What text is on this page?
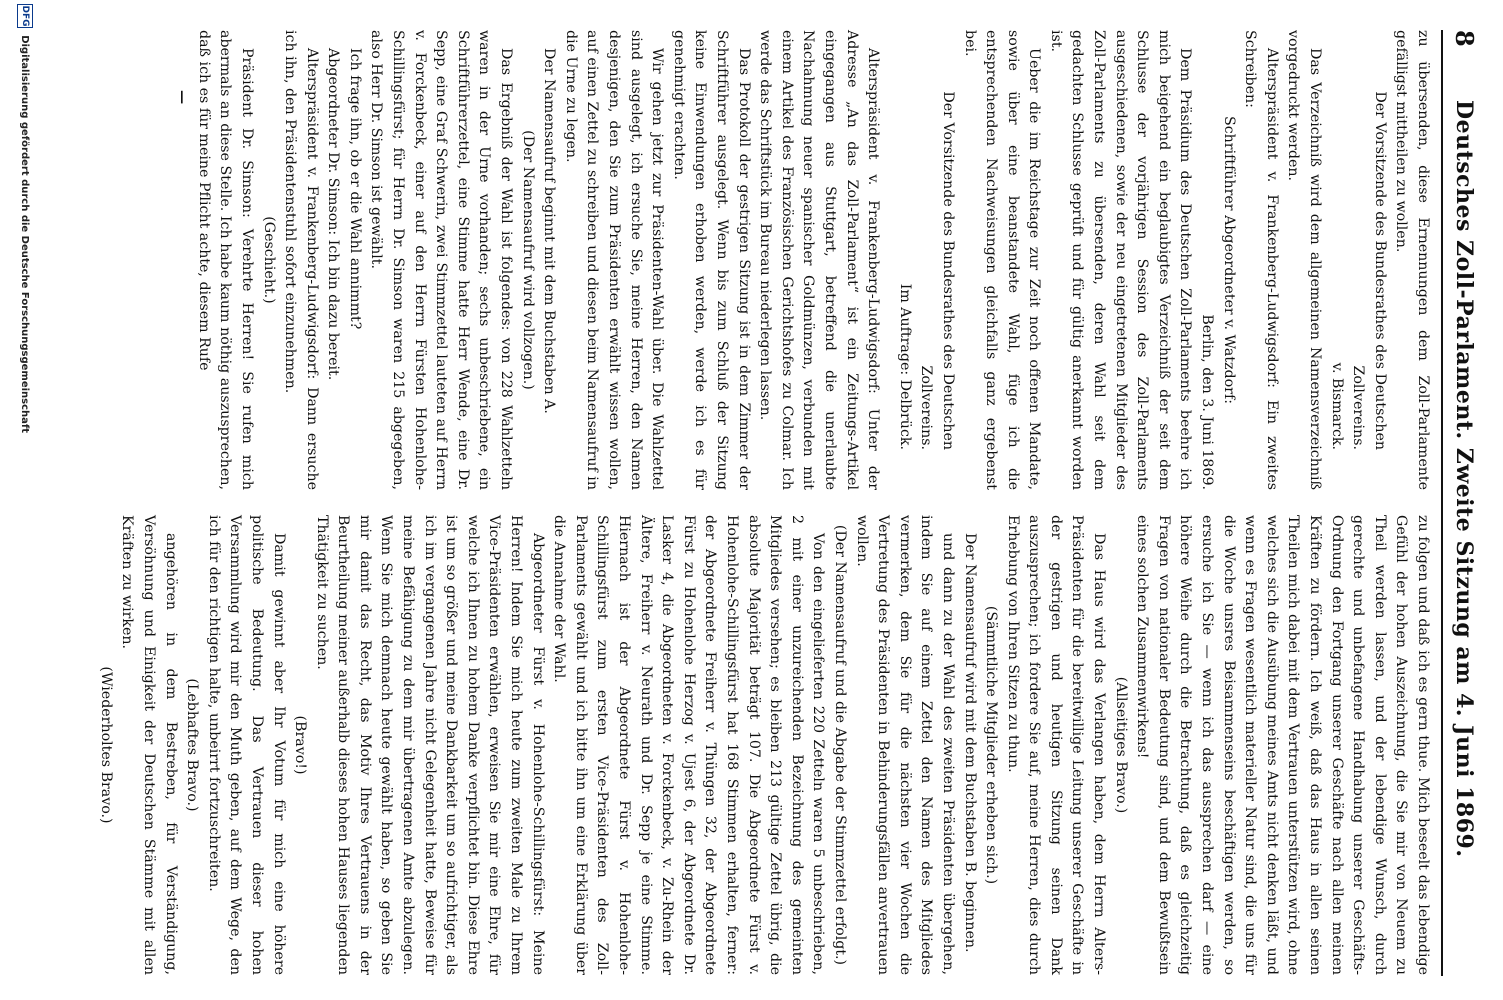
8
Deutsches Zoll-Parlament. Zweite Sitzung am 4. Juni 1869.

zu übersenden, diese Ernennungen dem Zoll-Parlamente gefälligst mittheilen zu wollen.

Der Vorsitzende des Bundesrathes des Deutschen Zollvereins.

v. Bismarck.

Das Verzeichniß wird dem allgemeinen Namensverzeichniß vorgedruckt werden.

Alterspräsident v. Frankenberg-Ludwigsdorf: Ein zweites Schreiben:

Schriftführer Abgeordneter v. Watzdorf:

Berlin, den 3. Juni 1869.

Dem Präsidium des Deutschen Zoll-Parlaments beehre ich mich beigehend ein beglaubigtes Verzeichniß der seit dem Schlusse der vorjährigen Session des Zoll-Parlaments ausgeschiedenen, sowie der neu eingetretenen Mitglieder des Zoll-Parlaments zu übersenden, deren Wahl seit dem gedachten Schlusse geprüft und für gültig anerkannt worden ist.

Ueber die im Reichstage zur Zeit noch offenen Mandate, sowie über eine beanstandete Wahl, füge ich die entsprechenden Nachweisungen gleichfalls ganz ergebenst bei.

Der Vorsitzende des Bundesrathes des Deutschen Zollvereins.

Im Auftrage: Delbrück.

Alterspräsident v. Frankenberg-Ludwigsdorf: Unter der Adresse „An das Zoll-Parlament“ ist ein Zeitungs-Artikel eingegangen aus Stuttgart, betreffend die unerlaubte Nachahmung neuer spanischer Goldmünzen, verbunden mit einem Artikel des Französischen Gerichtshofes zu Colmar. Ich werde das Schriftstück im Bureau niederlegen lassen.

Das Protokoll der gestrigen Sitzung ist in dem Zimmer der Schriftführer ausgelegt. Wenn bis zum Schluß der Sitzung keine Einwendungen erhoben werden, werde ich es für genehmigt erachten.

Wir gehen jetzt zur Präsidenten-Wahl über. Die Wahlzettel sind ausgelegt, ich ersuche Sie, meine Herren, den Namen desjenigen, den Sie zum Präsidenten erwählt wissen wollen, auf einen Zettel zu schreiben und diesen beim Namensaufruf in die Urne zu legen.

Der Namensaufruf beginnt mit dem Buchstaben A.

(Der Namensaufruf wird vollzogen.)

Das Ergebniß der Wahl ist folgendes: von 228 Wahlzetteln waren in der Urne vorhanden; sechs unbeschriebene, ein Schriftführerzettel, eine Stimme hatte Herr Wende, eine Dr. Sepp, eine Graf Schwerin, zwei Stimmzettel lauteten auf Herrn v. Forckenbeck, einer auf den Herrn Fürsten Hohenlohe-Schillingsfürst; für Herrn Dr. Simson waren 215 abgegeben, also Herr Dr. Simson ist gewählt.

Ich frage ihn, ob er die Wahl annimmt?

Abgeordneter Dr. Simson: Ich bin dazu bereit.

Alterspräsident v. Frankenberg-Ludwigsdorf: Dann ersuche ich ihn, den Präsidentenstuhl sofort einzunehmen.

(Geschieht.)

Präsident Dr. Simson: Verehrte Herren! Sie rufen mich abermals an diese Stelle. Ich habe kaum nöthig auszusprechen, daß ich es für meine Pflicht achte, diesem Rufe

—

zu folgen und daß ich es gern thue. Mich beseelt das lebendige Gefühl der hohen Auszeichnung, die Sie mir von Neuem zu Theil werden lassen, und der lebendige Wunsch, durch gerechte und unbefangene Handhabung unserer Geschäfts-Ordnung den Fortgang unserer Geschäfte nach allen meinen Kräften zu fördern. Ich weiß, daß das Haus in allen seinen Theilen mich dabei mit dem Vertrauen unterstützen wird, ohne welches sich die Ausübung meines Amts nicht denken läßt, und wenn es Fragen wesentlich materieller Natur sind, die uns für die Woche unsres Beisammenseins beschäftigen werden, so ersuche ich Sie — wenn ich das aussprechen darf — eine höhere Weihe durch die Betrachtung, daß es gleichzeitig Fragen von nationaler Bedeutung sind, und dem Bewußtsein eines solchen Zusammenwirkens!

(Allseitiges Bravo.)

Das Haus wird das Verlangen haben, dem Herrn Alters-Präsidenten für die bereitwillige Leitung unserer Geschäfte in der gestrigen und heutigen Sitzung seinen Dank auszusprechen; ich fordere Sie auf, meine Herren, dies durch Erhebung von Ihren Sitzen zu thun.

(Sämmtliche Mitglieder erheben sich.)

Der Namensaufruf wird mit dem Buchstaben B. beginnen.

und dann zu der Wahl des zweiten Präsidenten übergehen, indem Sie auf einem Zettel den Namen des Mitgliedes vermerken, dem Sie für die nächsten vier Wochen die Vertretung des Präsidenten in Behinderungsfällen anvertrauen wollen.

(Der Namensaufruf und die Abgabe der Stimmzettel erfolgt.)

Von den eingelieferten 220 Zetteln waren 5 unbeschrieben, 2 mit einer unzureichenden Bezeichnung des gemeinten Mitgliedes versehen; es bleiben 213 gültige Zettel übrig, die absolute Majorität beträgt 107. Die Abgeordnete Fürst v. Hohenlohe-Schillingsfürst hat 168 Stimmen erhalten, ferner: der Abgeordnete Freiherr v. Thüngen 32, der Abgeordnete Fürst zu Hohenlohe Herzog v. Ujest 6, der Abgeordnete Dr. Lasker 4, die Abgeordneten v. Forckenbeck, v. Zu-Rhein der Ältere, Freiherr v. Neurath und Dr. Sepp je eine Stimme. Hiernach ist der Abgeordnete Fürst v. Hohenlohe-Schillingsfürst zum ersten Vice-Präsidenten des Zoll-Parlaments gewählt und ich bitte ihn um eine Erklärung über die Annahme der Wahl.

Abgeordneter Fürst v. Hohenlohe-Schillingsfürst: Meine Herren! Indem Sie mich heute zum zweiten Male zu Ihrem Vice-Präsidenten erwählen, erweisen Sie mir eine Ehre, für welche ich Ihnen zu hohem Danke verpflichtet bin. Diese Ehre ist um so größer und meine Dankbarkeit um so aufrichtiger, als ich im vergangenen Jahre nicht Gelegenheit hatte, Beweise für meine Befähigung zu dem mir übertragenen Amte abzulegen. Wenn Sie mich demnach heute gewählt haben, so geben Sie mir damit das Recht, das Motiv Ihres Vertrauens in der Beurtheilung meiner außerhalb dieses hohen Hauses liegenden Thätigkeit zu suchen.

(Bravo!)

Damit gewinnt aber Ihr Votum für mich eine höhere politische Bedeutung. Das Vertrauen dieser hohen Versammlung wird mir den Muth geben, auf dem Wege, den ich für den richtigen halte, unbeirrt fortzuschreiten.

(Lebhaftes Bravo.)

angehören in dem Bestreben, für Verständigung, Versöhnung und Einigkeit der Deutschen Stämme mit allen Kräften zu wirken.

(Wiederholtes Bravo.)

DFG Digitalisierung gefördert durch die Deutsche Forschungsgemeinschaft
